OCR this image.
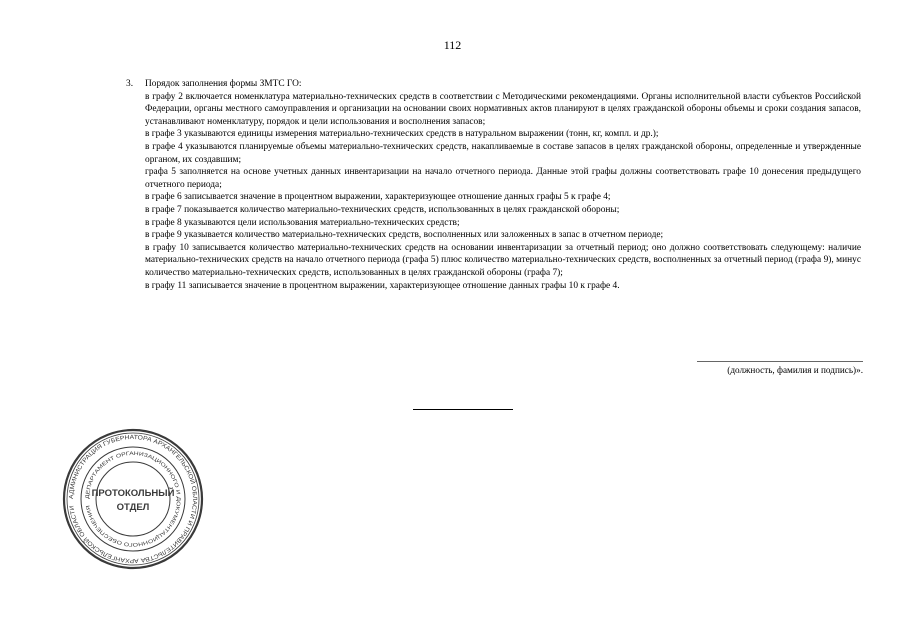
112
3.	Порядок заполнения формы ЗМТС ГО:

в графу 2 включается номенклатура материально-технических средств в соответствии с Методическими рекомендациями. Органы исполнительной власти субъектов Российской Федерации, органы местного самоуправления и организации на основании своих нормативных актов планируют в целях гражданской обороны объемы и сроки создания запасов, устанавливают номенклатуру, порядок и цели использования и восполнения запасов;

в графе 3 указываются единицы измерения материально-технических средств в натуральном выражении (тонн, кг, компл. и др.);

в графе 4 указываются планируемые объемы материально-технических средств, накапливаемые в составе запасов в целях гражданской обороны, определенные и утвержденные органом, их создавшим;

графа 5 заполняется на основе учетных данных инвентаризации на начало отчетного периода. Данные этой графы должны соответствовать графе 10 донесения предыдущего отчетного периода;

в графе 6 записывается значение в процентном выражении, характеризующее отношение данных графы 5 к графе 4;

в графе 7 показывается количество материально-технических средств, использованных в целях гражданской обороны;

в графе 8 указываются цели использования материально-технических средств;

в графе 9 указывается количество материально-технических средств, восполненных или заложенных в запас в отчетном периоде;

в графу 10 записывается количество материально-технических средств на основании инвентаризации за отчетный период; оно должно соответствовать следующему: наличие материально-технических средств на начало отчетного периода (графа 5) плюс количество материально-технических средств, восполненных за отчетный период (графа 9), минус количество материально-технических средств, использованных в целях гражданской обороны (графа 7);

в графу 11 записывается значение в процентном выражении, характеризующее отношение данных графы 10 к графе 4.

(должность, фамилия и подпись)».
АДМИНИСТРАЦИЯ ГУБЕРНАТОРА АРХАНГЕЛЬСКОЙ ОБЛАСТИ И ПРАВИТЕЛЬСТВА АРХАНГЕЛЬСКОЙ ОБЛАСТИ
ДЕПАРТАМЕНТ ОРГАНИЗАЦИОННОГО И ДОКУМЕНТАЦИОННОГО ОБЕСПЕЧЕНИЯ
ПРОТОКОЛЬНЫЙ
ОТДЕЛ
